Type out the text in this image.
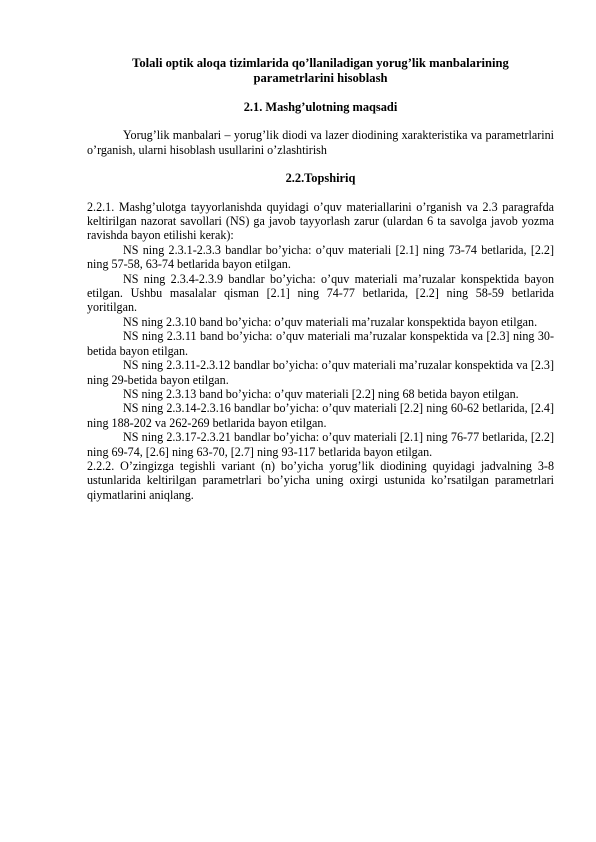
Tolali optik aloqa tizimlarida qo’llaniladigan yorug’lik manbalarining parametrlarini hisoblash
2.1. Mashg’ulotning maqsadi

Yorug’lik manbalari – yorug’lik diodi va lazer diodining xarakteristika va parametrlarini o’rganish, ularni hisoblash usullarini o’zlashtirish

2.2.Topshiriq

2.2.1. Mashg’ulotga tayyorlanishda quyidagi o’quv materiallarini o’rganish va 2.3 paragrafda keltirilgan nazorat savollari (NS) ga javob tayyorlash zarur (ulardan 6 ta savolga javob yozma ravishda bayon etilishi kerak):

NS ning 2.3.1-2.3.3 bandlar bo’yicha: o’quv materiali [2.1] ning 73-74 betlarida, [2.2] ning 57-58, 63-74 betlarida bayon etilgan.

NS ning 2.3.4-2.3.9 bandlar bo’yicha: o’quv materiali ma’ruzalar konspektida bayon etilgan. Ushbu masalalar qisman [2.1] ning 74-77 betlarida, [2.2] ning 58-59 betlarida yoritilgan.

NS ning 2.3.10 band bo’yicha: o’quv materiali ma’ruzalar konspektida bayon etilgan.

NS ning 2.3.11 band bo’yicha: o’quv materiali ma’ruzalar konspektida va [2.3] ning 30-betida bayon etilgan.

NS ning 2.3.11-2.3.12 bandlar bo’yicha: o’quv materiali ma’ruzalar konspektida va [2.3] ning 29-betida bayon etilgan.

NS ning 2.3.13 band bo’yicha: o’quv materiali [2.2] ning 68 betida bayon etilgan.

NS ning 2.3.14-2.3.16 bandlar bo’yicha: o’quv materiali [2.2] ning 60-62 betlarida, [2.4] ning 188-202 va 262-269 betlarida bayon etilgan.

NS ning 2.3.17-2.3.21 bandlar bo’yicha: o’quv materiali [2.1] ning 76-77 betlarida, [2.2] ning 69-74, [2.6] ning 63-70, [2.7] ning 93-117 betlarida bayon etilgan.

2.2.2. O’zingizga tegishli variant (n) bo’yicha yorug’lik diodining quyidagi jadvalning 3-8 ustunlarida keltirilgan parametrlari bo’yicha uning oxirgi ustunida ko’rsatilgan parametrlari qiymatlarini aniqlang.
